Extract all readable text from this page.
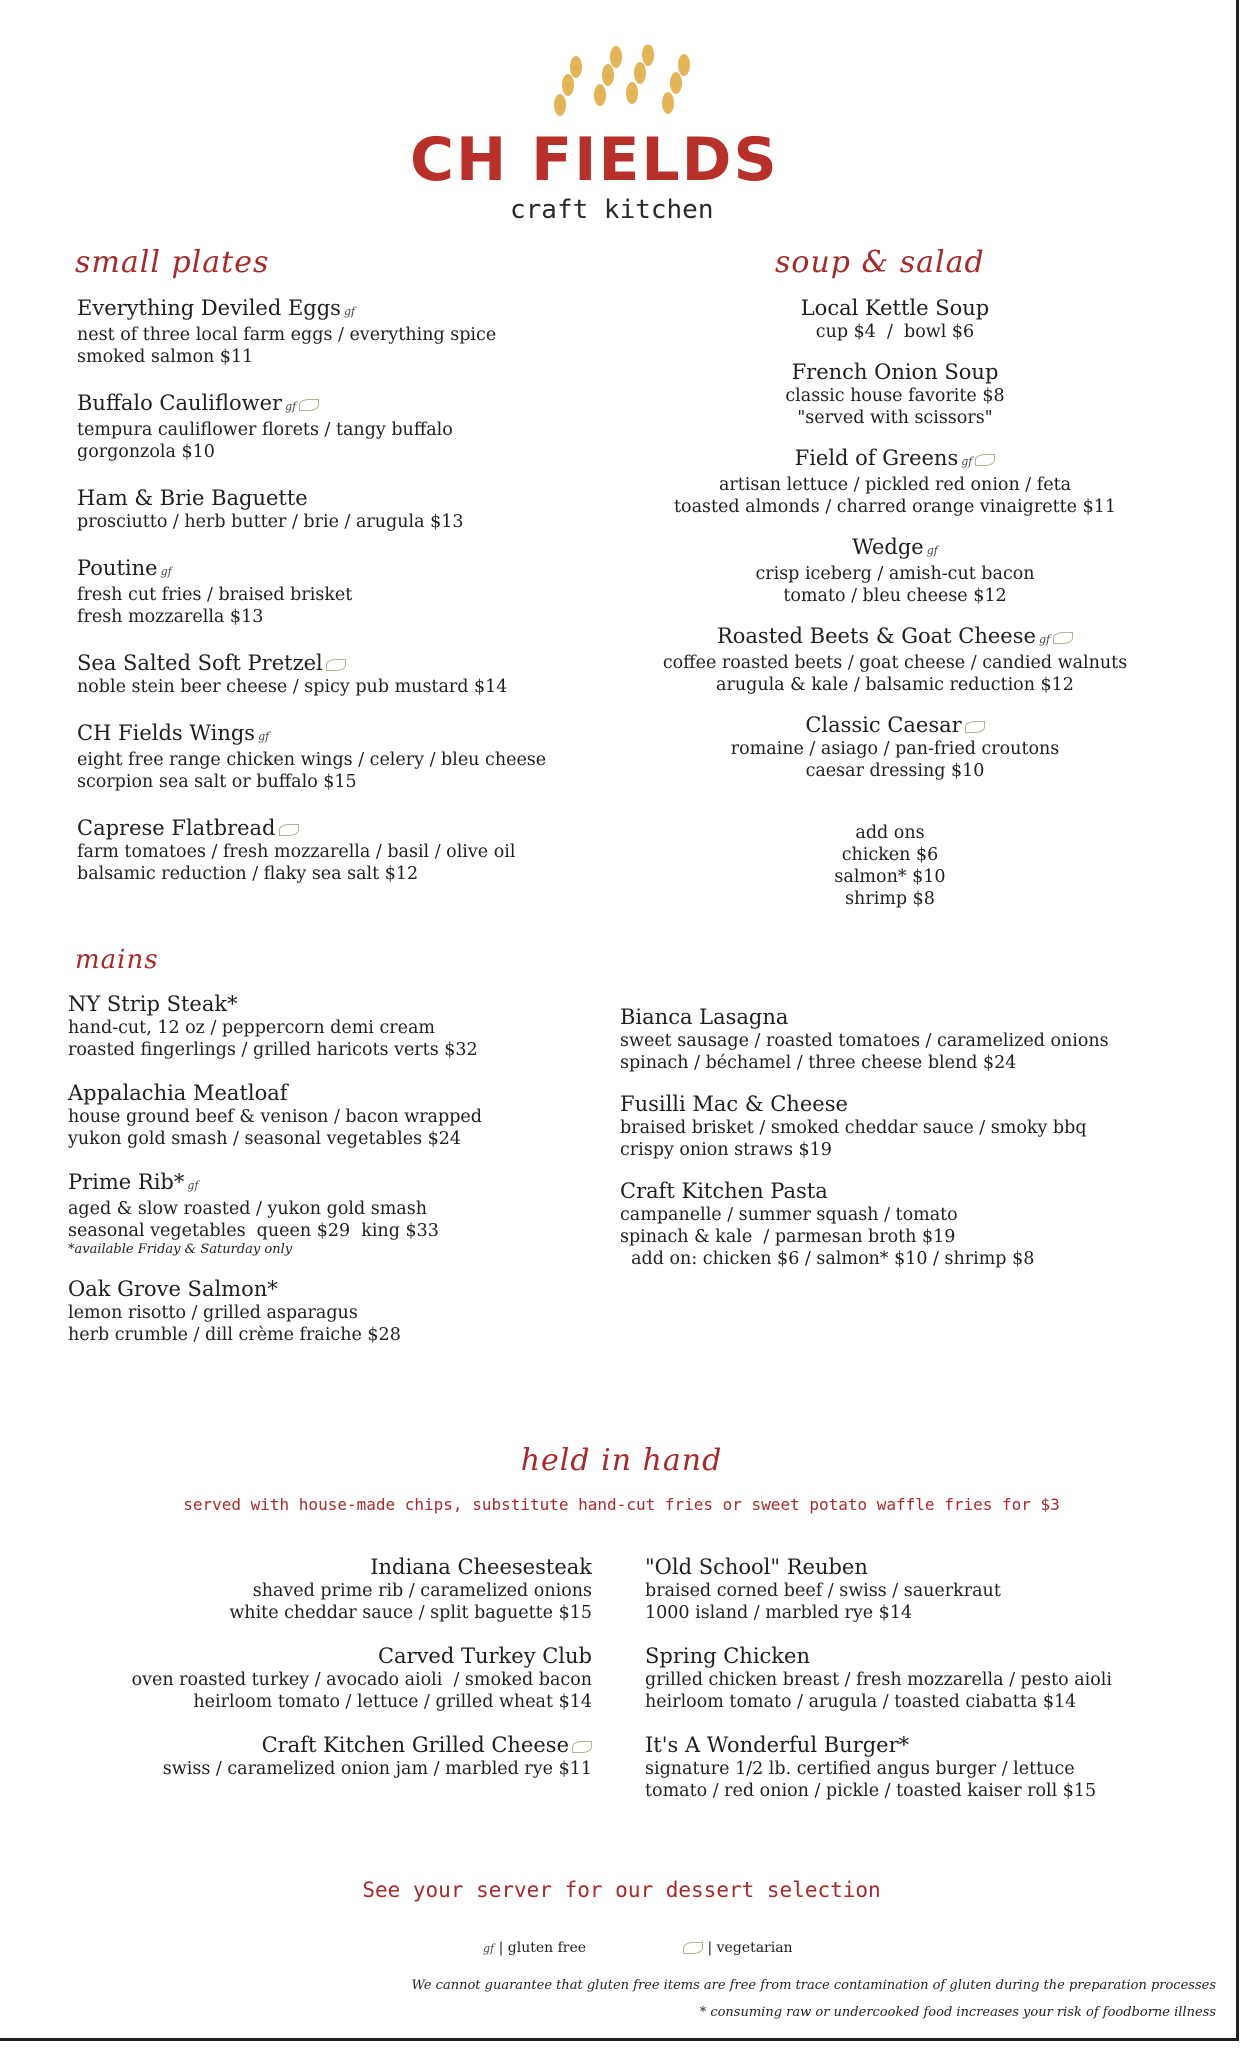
CH FIELDS
craft kitchen
small plates

Everything Deviled Eggs gf

nest of three local farm eggs / everything spice

smoked salmon $11

Buffalo Cauliflower gf

tempura cauliflower florets / tangy buffalo

gorgonzola $10

Ham & Brie Baguette

prosciutto / herb butter / brie / arugula $13

Poutine gf

fresh cut fries / braised brisket

fresh mozzarella $13

Sea Salted Soft Pretzel

noble stein beer cheese / spicy pub mustard $14

CH Fields Wings gf

eight free range chicken wings / celery / bleu cheese

scorpion sea salt or buffalo $15

Caprese Flatbread

farm tomatoes / fresh mozzarella / basil / olive oil

balsamic reduction / flaky sea salt $12

soup & salad

Local Kettle Soup

cup $4  /  bowl $6

French Onion Soup

classic house favorite $8

"served with scissors"

Field of Greens gf

artisan lettuce / pickled red onion / feta

toasted almonds / charred orange vinaigrette $11

Wedge gf

crisp iceberg / amish-cut bacon

tomato / bleu cheese $12

Roasted Beets & Goat Cheese gf

coffee roasted beets / goat cheese / candied walnuts

arugula & kale / balsamic reduction $12

Classic Caesar

romaine / asiago / pan-fried croutons

caesar dressing $10

add ons
chicken $6
salmon* $10
shrimp $8
mains

NY Strip Steak*

hand-cut, 12 oz / peppercorn demi cream

roasted fingerlings / grilled haricots verts $32

Appalachia Meatloaf

house ground beef & venison / bacon wrapped

yukon gold smash / seasonal vegetables $24

Prime Rib* gf

aged & slow roasted / yukon gold smash

seasonal vegetables  queen $29  king $33

*available Friday & Saturday only

Oak Grove Salmon*

lemon risotto / grilled asparagus

herb crumble / dill crème fraiche $28

Bianca Lasagna

sweet sausage / roasted tomatoes / caramelized onions

spinach / béchamel / three cheese blend $24

Fusilli Mac & Cheese

braised brisket / smoked cheddar sauce / smoky bbq

crispy onion straws $19

Craft Kitchen Pasta

campanelle / summer squash / tomato

spinach & kale  / parmesan broth $19

add on: chicken $6 / salmon* $10 / shrimp $8

held in hand
served with house-made chips, substitute hand-cut fries or sweet potato waffle fries for $3

Indiana Cheesesteak

shaved prime rib / caramelized onions

white cheddar sauce / split baguette $15

Carved Turkey Club

oven roasted turkey / avocado aioli  / smoked bacon

heirloom tomato / lettuce / grilled wheat $14

Craft Kitchen Grilled Cheese

swiss / caramelized onion jam / marbled rye $11

"Old School" Reuben

braised corned beef / swiss / sauerkraut

1000 island / marbled rye $14

Spring Chicken

grilled chicken breast / fresh mozzarella / pesto aioli

heirloom tomato / arugula / toasted ciabatta $14

It's A Wonderful Burger*

signature 1/2 lb. certified angus burger / lettuce

tomato / red onion / pickle / toasted kaiser roll $15

See your server for our dessert selection
gf | gluten free	| vegetarian
We cannot guarantee that gluten free items are free from trace contamination of gluten during the preparation processes
* consuming raw or undercooked food increases your risk of foodborne illness
